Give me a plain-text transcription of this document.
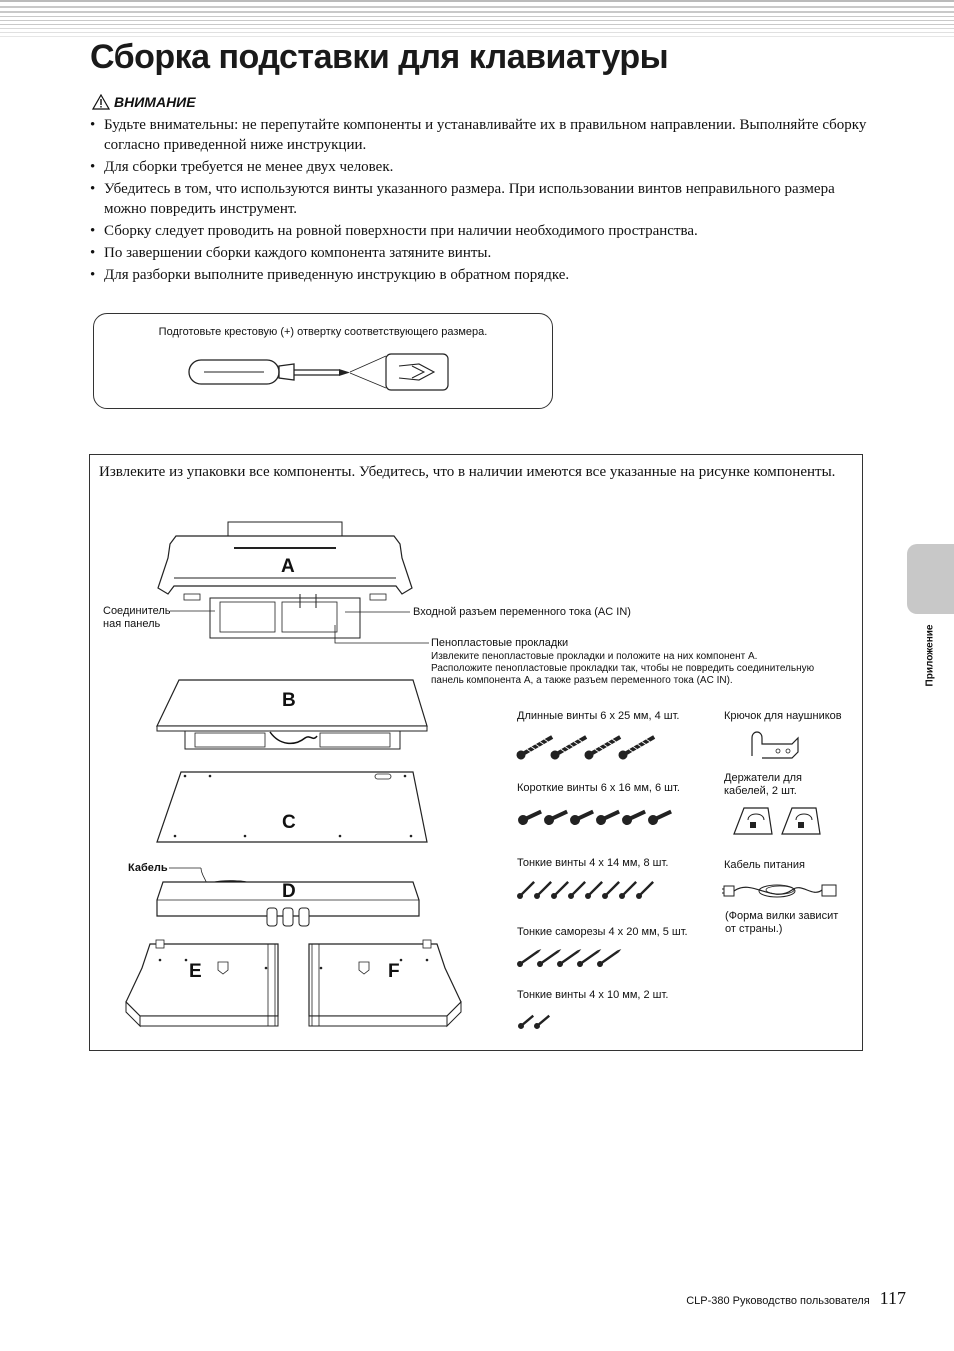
Сборка подставки для клавиатуры
ВНИМАНИЕ
• Будьте внимательны: не перепутайте компоненты и устанавливайте их в правильном направлении. Выполняйте сборку согласно приведенной ниже инструкции.
• Для сборки требуется не менее двух человек.
• Убедитесь в том, что используются винты указанного размера. При использовании винтов неправильного размера можно повредить инструмент.
• Сборку следует проводить на ровной поверхности при наличии необходимого пространства.
• По завершении сборки каждого компонента затяните винты.
• Для разборки выполните приведенную инструкцию в обратном порядке.
Подготовьте крестовую (+) отвертку соответствующего размера.
Извлеките из упаковки все компоненты. Убедитесь, что в наличии имеются все указанные на рисунке компоненты.
A
Соединитель
ная панель
Входной разъем переменного тока (AC IN)
Пенопластовые прокладки
Извлеките пенопластовые прокладки и положите на них компонент A.
Расположите пенопластовые прокладки так, чтобы не повредить соединительную
панель компонента A, а также разъем переменного тока (AC IN).
B
C
Кабель
D
E	F
Длинные винты 6 x 25 мм, 4 шт.
Короткие винты 6 x 16 мм, 6 шт.
Тонкие винты 4 x 14 мм, 8 шт.
Тонкие саморезы 4 x 20 мм, 5 шт.
Тонкие винты 4 x 10 мм, 2 шт.
Крючок для наушников
Держатели для
кабелей, 2 шт.
Кабель питания
(Форма вилки зависит
от страны.)
Приложение
CLP-380 Руководство пользователя 117
